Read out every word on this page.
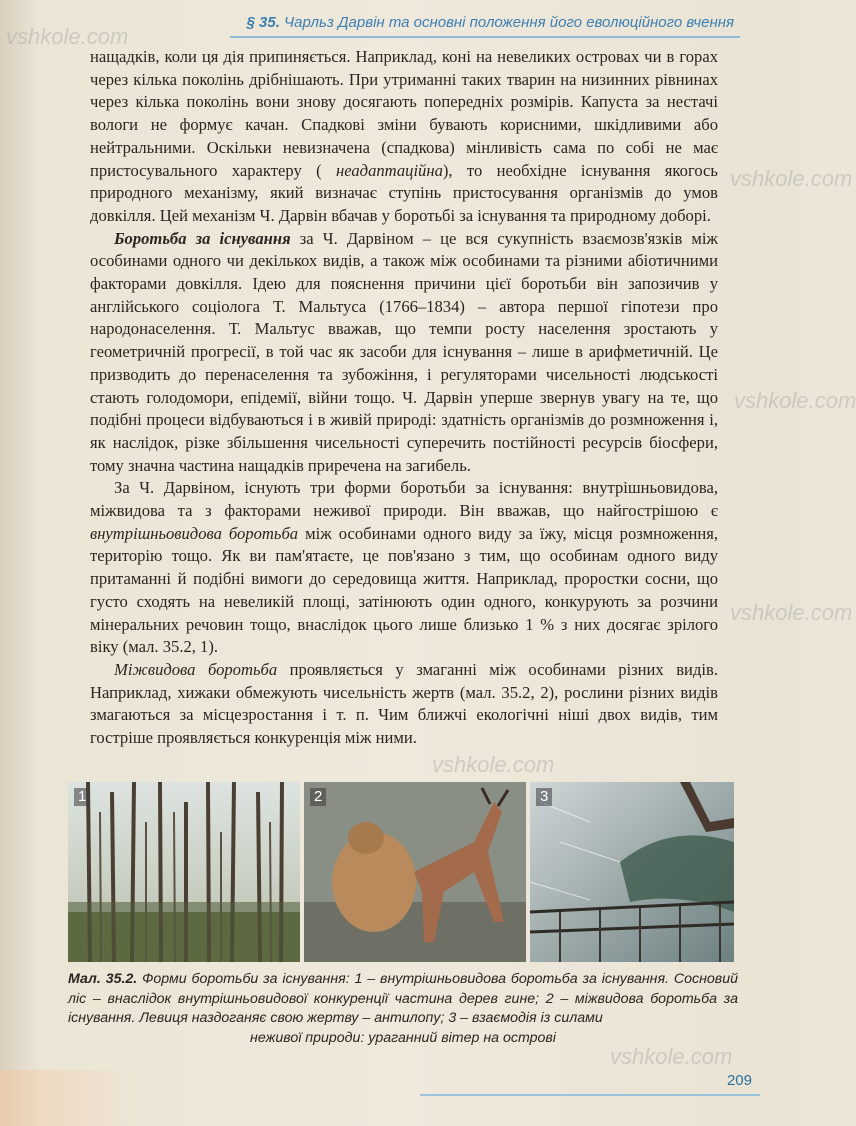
§ 35. Чарльз Дарвін та основні положення його еволюційного вчення
vshkole.com
vshkole.com
vshkole.com
vshkole.com
vshkole.com
vshkole.com

нащадків, коли ця дія припиняється. Наприклад, коні на невеликих островах чи в горах через кілька поколінь дрібнішають. При утриманні таких тварин на низинних рівнинах через кілька поколінь вони знову досягають попередніх розмірів. Капуста за нестачі вологи не формує качан. Спадкові зміни бувають корисними, шкідливими або нейтральними. Оскільки невизначена (спадкова) мінливість сама по собі не має пристосувального характеру ( неадаптаційна), то необхідне існування якогось природного механізму, який визначає ступінь пристосування організмів до умов довкілля. Цей механізм Ч. Дарвін вбачав у боротьбі за існування та природному доборі.

Боротьба за існування за Ч. Дарвіном – це вся сукупність взаємозв'язків між особинами одного чи декількох видів, а також між особинами та різними абіотичними факторами довкілля. Ідею для пояснення причини цієї боротьби він запозичив у англійського соціолога Т. Мальтуса (1766–1834) – автора першої гіпотези про народонаселення. Т. Мальтус вважав, що темпи росту населення зростають у геометричній прогресії, в той час як засоби для існування – лише в арифметичній. Це призводить до перенаселення та зубожіння, і регуляторами чисельності людськості стають голодомори, епідемії, війни тощо. Ч. Дарвін уперше звернув увагу на те, що подібні процеси відбуваються і в живій природі: здатність організмів до розмноження і, як наслідок, різке збільшення чисельності суперечить постійності ресурсів біосфери, тому значна частина нащадків приречена на загибель.

За Ч. Дарвіном, існують три форми боротьби за існування: внутрішньовидова, міжвидова та з факторами неживої природи. Він вважав, що найгострішою є внутрішньовидова боротьба між особинами одного виду за їжу, місця розмноження, територію тощо. Як ви пам'ятаєте, це пов'язано з тим, що особинам одного виду притаманні й подібні вимоги до середовища життя. Наприклад, проростки сосни, що густо сходять на невеликій площі, затінюють один одного, конкурують за розчини мінеральних речовин тощо, внаслідок цього лише близько 1 % з них досягає зрілого віку (мал. 35.2, 1).

Міжвидова боротьба проявляється у змаганні між особинами різних видів. Наприклад, хижаки обмежують чисельність жертв (мал. 35.2, 2), рослини різних видів змагаються за місцезростання і т. п. Чим ближчі екологічні ніші двох видів, тим гостріше проявляється конкуренція між ними.

1	2	3
Мал. 35.2. Форми боротьби за існування: 1 – внутрішньовидова боротьба за існування. Сосновий ліс – внаслідок внутрішньовидової конкуренції частина дерев гине; 2 – міжвидова боротьба за існування. Левиця наздоганяє свою жертву – антилопу; 3 – взаємодія із силами
неживої природи: ураганний вітер на острові
209
